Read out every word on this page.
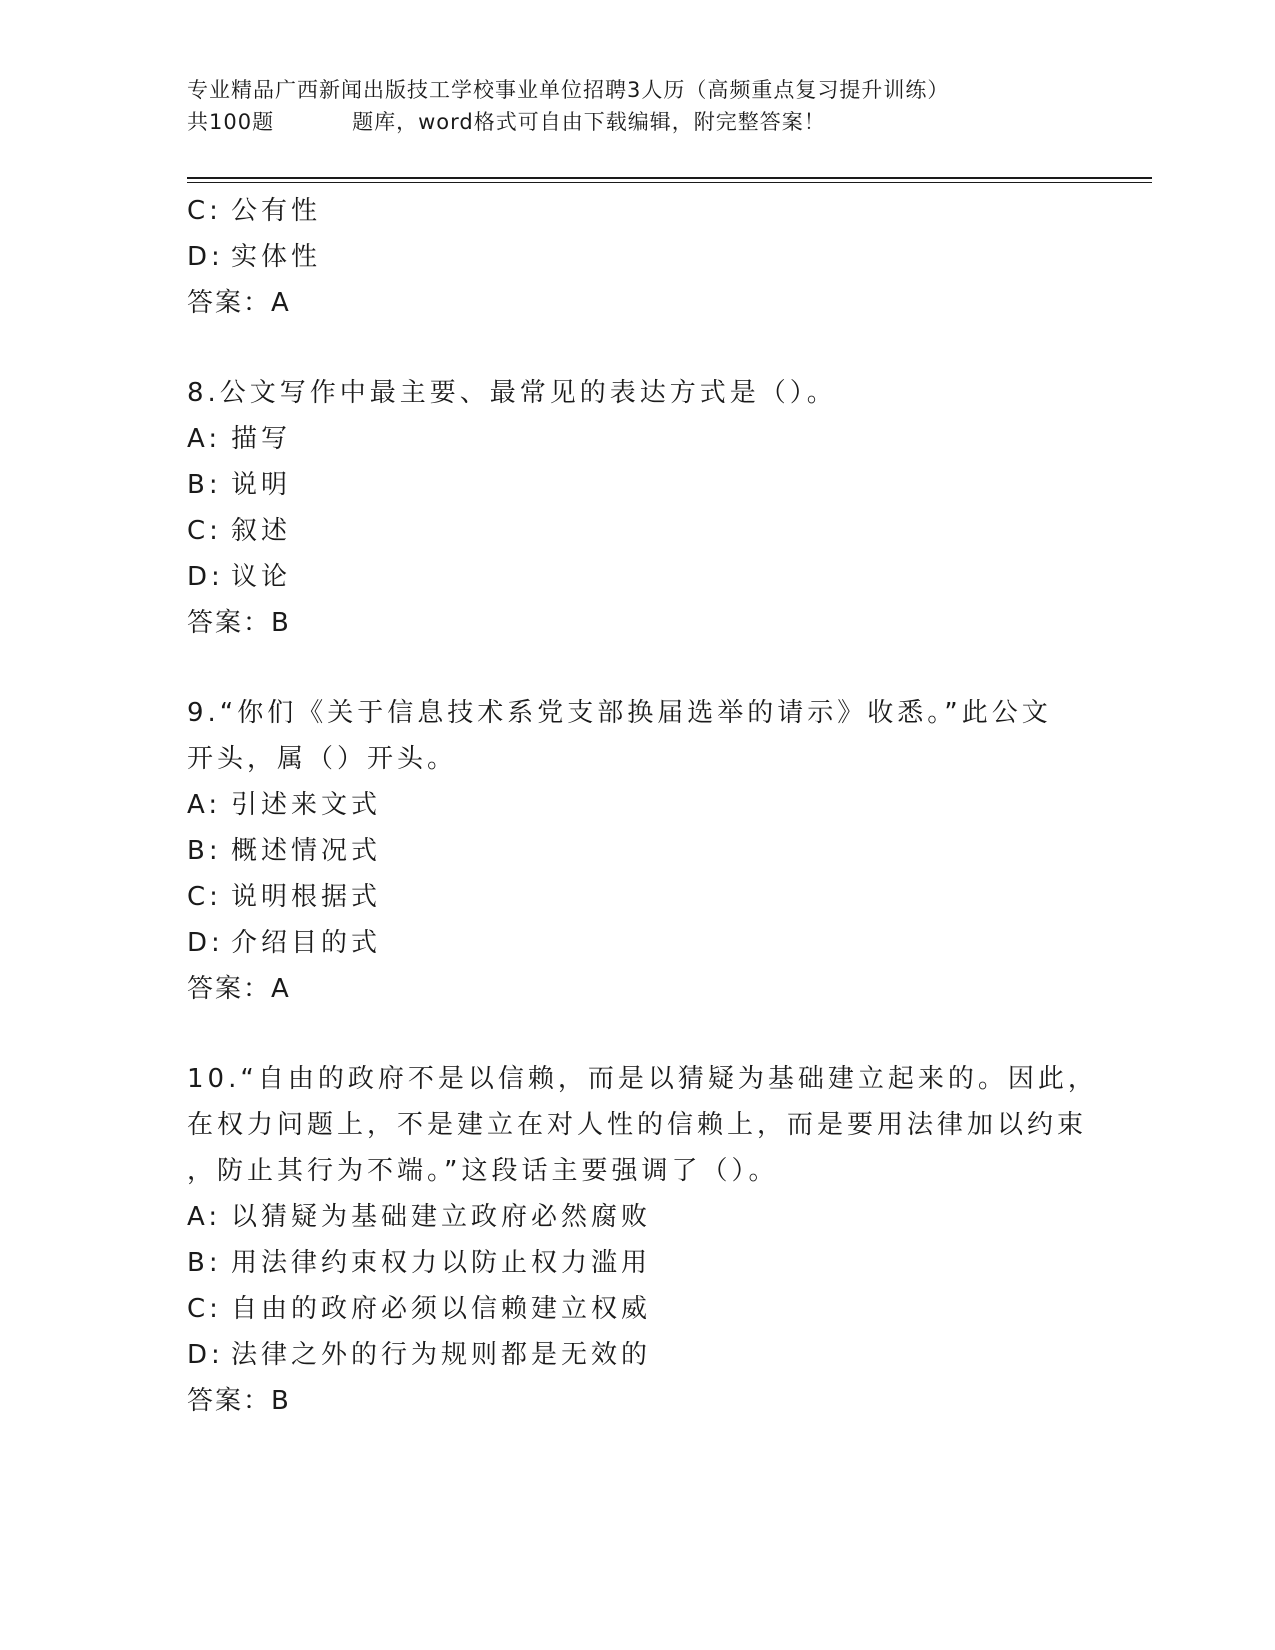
专业精品广西新闻出版技工学校事业单位招聘3人历（高频重点复习提升训练）
共100题	题库，word格式可自由下载编辑，附完整答案！
C: 公有性
D: 实体性
答案：A
8.公文写作中最主要、最常见的表达方式是（）。
A: 描写
B: 说明
C: 叙述
D: 议论
答案：B
9.“你们《关于信息技术系党支部换届选举的请示》收悉。”此公文
开头，属（）开头。
A: 引述来文式
B: 概述情况式
C: 说明根据式
D: 介绍目的式
答案：A
10.“自由的政府不是以信赖，而是以猜疑为基础建立起来的。因此，
在权力问题上，不是建立在对人性的信赖上，而是要用法律加以约束
，防止其行为不端。”这段话主要强调了（）。
A: 以猜疑为基础建立政府必然腐败
B: 用法律约束权力以防止权力滥用
C: 自由的政府必须以信赖建立权威
D: 法律之外的行为规则都是无效的
答案：B
